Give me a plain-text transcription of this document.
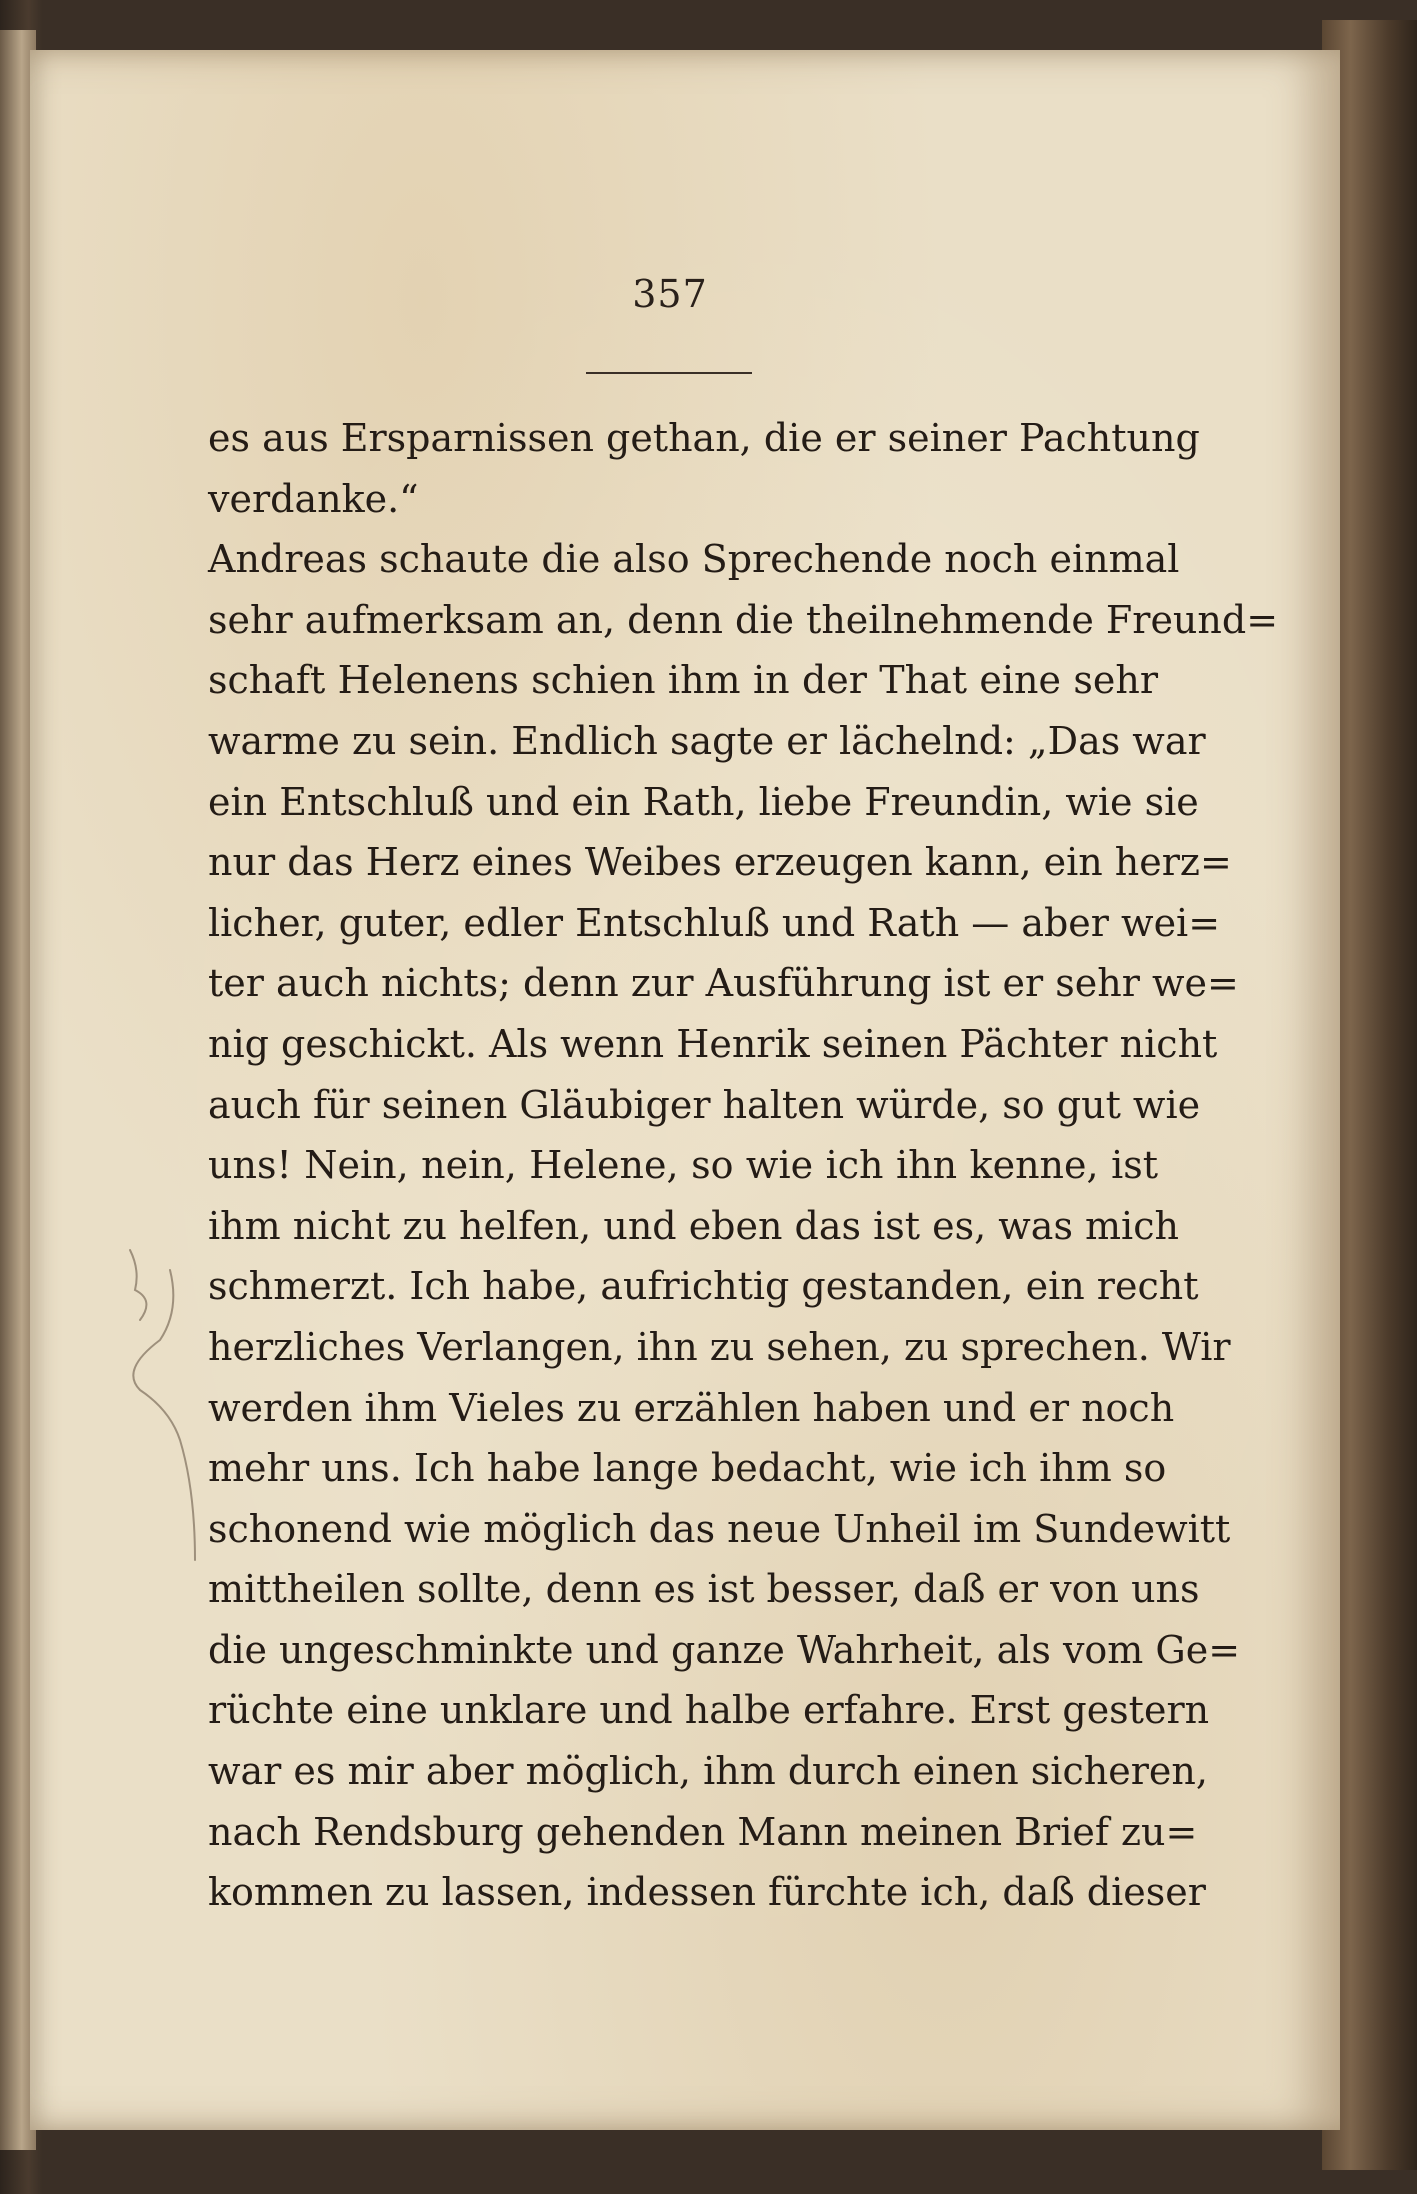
357
es aus Ersparnissen gethan, die er seiner Pachtung
verdanke.“
Andreas schaute die also Sprechende noch einmal
sehr aufmerksam an, denn die theilnehmende Freund=
schaft Helenens schien ihm in der That eine sehr
warme zu sein. Endlich sagte er lächelnd: „Das war
ein Entschluß und ein Rath, liebe Freundin, wie sie
nur das Herz eines Weibes erzeugen kann, ein herz=
licher, guter, edler Entschluß und Rath — aber wei=
ter auch nichts; denn zur Ausführung ist er sehr we=
nig geschickt. Als wenn Henrik seinen Pächter nicht
auch für seinen Gläubiger halten würde, so gut wie
uns! Nein, nein, Helene, so wie ich ihn kenne, ist
ihm nicht zu helfen, und eben das ist es, was mich
schmerzt. Ich habe, aufrichtig gestanden, ein recht
herzliches Verlangen, ihn zu sehen, zu sprechen. Wir
werden ihm Vieles zu erzählen haben und er noch
mehr uns. Ich habe lange bedacht, wie ich ihm so
schonend wie möglich das neue Unheil im Sundewitt
mittheilen sollte, denn es ist besser, daß er von uns
die ungeschminkte und ganze Wahrheit, als vom Ge=
rüchte eine unklare und halbe erfahre. Erst gestern
war es mir aber möglich, ihm durch einen sicheren,
nach Rendsburg gehenden Mann meinen Brief zu=
kommen zu lassen, indessen fürchte ich, daß dieser
